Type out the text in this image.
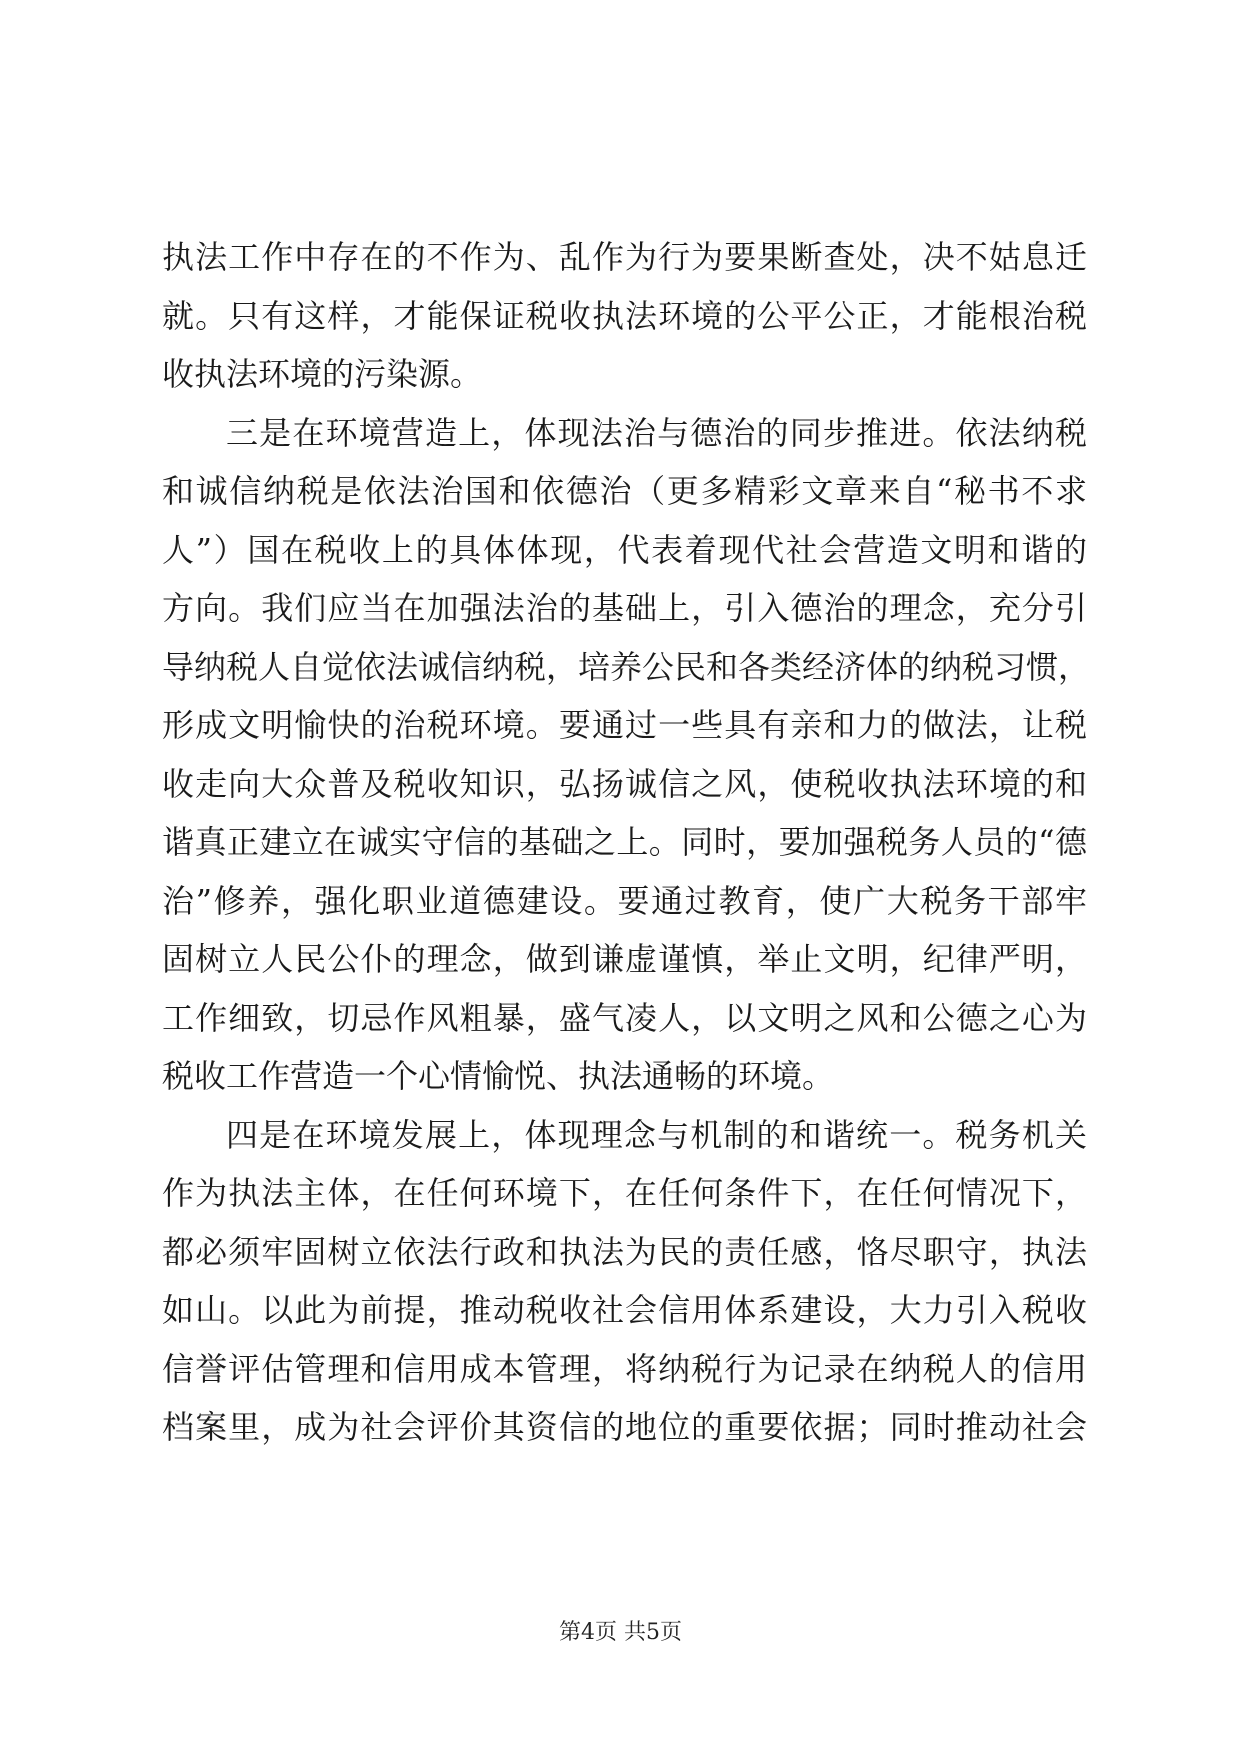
执法工作中存在的不作为、乱作为行为要果断查处，决不姑息迁
就。只有这样，才能保证税收执法环境的公平公正，才能根治税
收执法环境的污染源。
三是在环境营造上，体现法治与德治的同步推进。依法纳税
和诚信纳税是依法治国和依德治（更多精彩文章来自“秘书不求
人”）国在税收上的具体体现，代表着现代社会营造文明和谐的
方向。我们应当在加强法治的基础上，引入德治的理念，充分引
导纳税人自觉依法诚信纳税，培养公民和各类经济体的纳税习惯，
形成文明愉快的治税环境。要通过一些具有亲和力的做法，让税
收走向大众普及税收知识，弘扬诚信之风，使税收执法环境的和
谐真正建立在诚实守信的基础之上。同时，要加强税务人员的“德
治”修养，强化职业道德建设。要通过教育，使广大税务干部牢
固树立人民公仆的理念，做到谦虚谨慎，举止文明，纪律严明，
工作细致，切忌作风粗暴，盛气凌人，以文明之风和公德之心为
税收工作营造一个心情愉悦、执法通畅的环境。
四是在环境发展上，体现理念与机制的和谐统一。税务机关
作为执法主体，在任何环境下，在任何条件下，在任何情况下，
都必须牢固树立依法行政和执法为民的责任感，恪尽职守，执法
如山。以此为前提，推动税收社会信用体系建设，大力引入税收
信誉评估管理和信用成本管理，将纳税行为记录在纳税人的信用
档案里，成为社会评价其资信的地位的重要依据；同时推动社会
第4页 共5页
